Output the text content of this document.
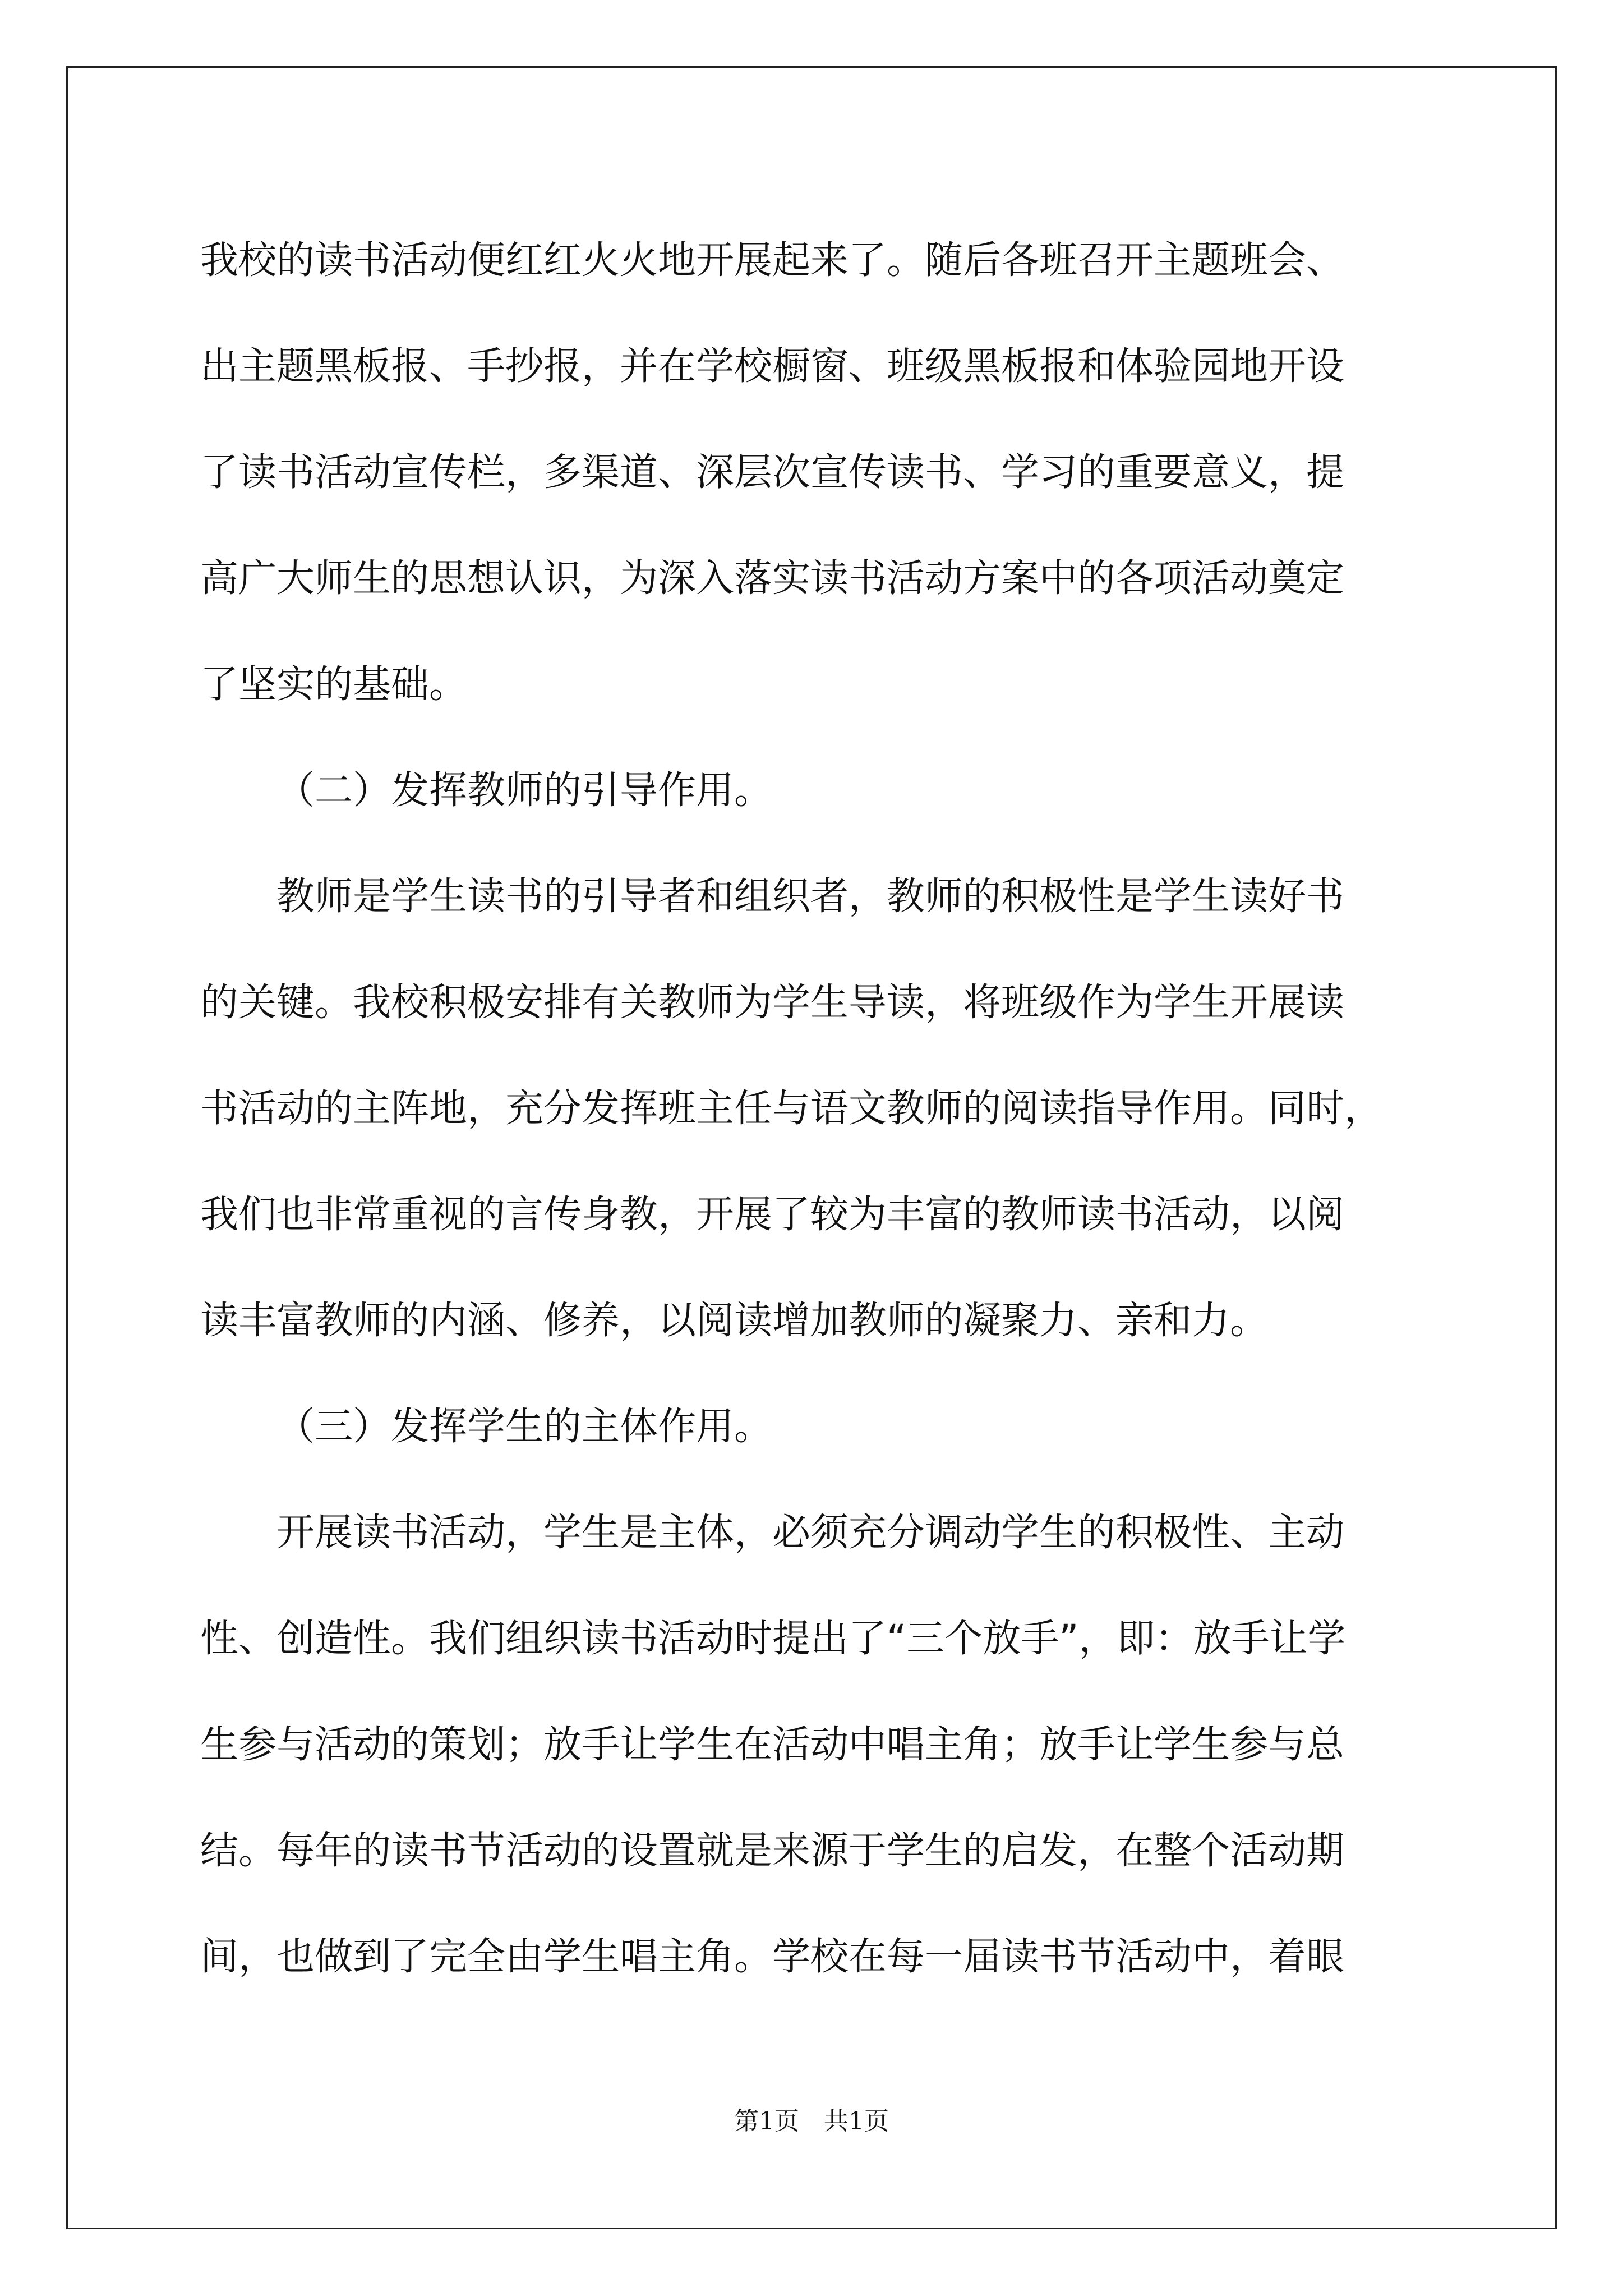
我校的读书活动便红红火火地开展起来了。随后各班召开主题班会、
出主题黑板报、手抄报，并在学校橱窗、班级黑板报和体验园地开设
了读书活动宣传栏，多渠道、深层次宣传读书、学习的重要意义，提
高广大师生的思想认识，为深入落实读书活动方案中的各项活动奠定
了坚实的基础。
（二）发挥教师的引导作用。
教师是学生读书的引导者和组织者，教师的积极性是学生读好书
的关键。我校积极安排有关教师为学生导读，将班级作为学生开展读
书活动的主阵地，充分发挥班主任与语文教师的阅读指导作用。同时，
我们也非常重视的言传身教，开展了较为丰富的教师读书活动，以阅
读丰富教师的内涵、修养，以阅读增加教师的凝聚力、亲和力。
（三）发挥学生的主体作用。
开展读书活动，学生是主体，必须充分调动学生的积极性、主动
性、创造性。我们组织读书活动时提出了“三个放手”，即：放手让学
生参与活动的策划；放手让学生在活动中唱主角；放手让学生参与总
结。每年的读书节活动的设置就是来源于学生的启发，在整个活动期
间，也做到了完全由学生唱主角。学校在每一届读书节活动中，着眼
第1页　共1页
